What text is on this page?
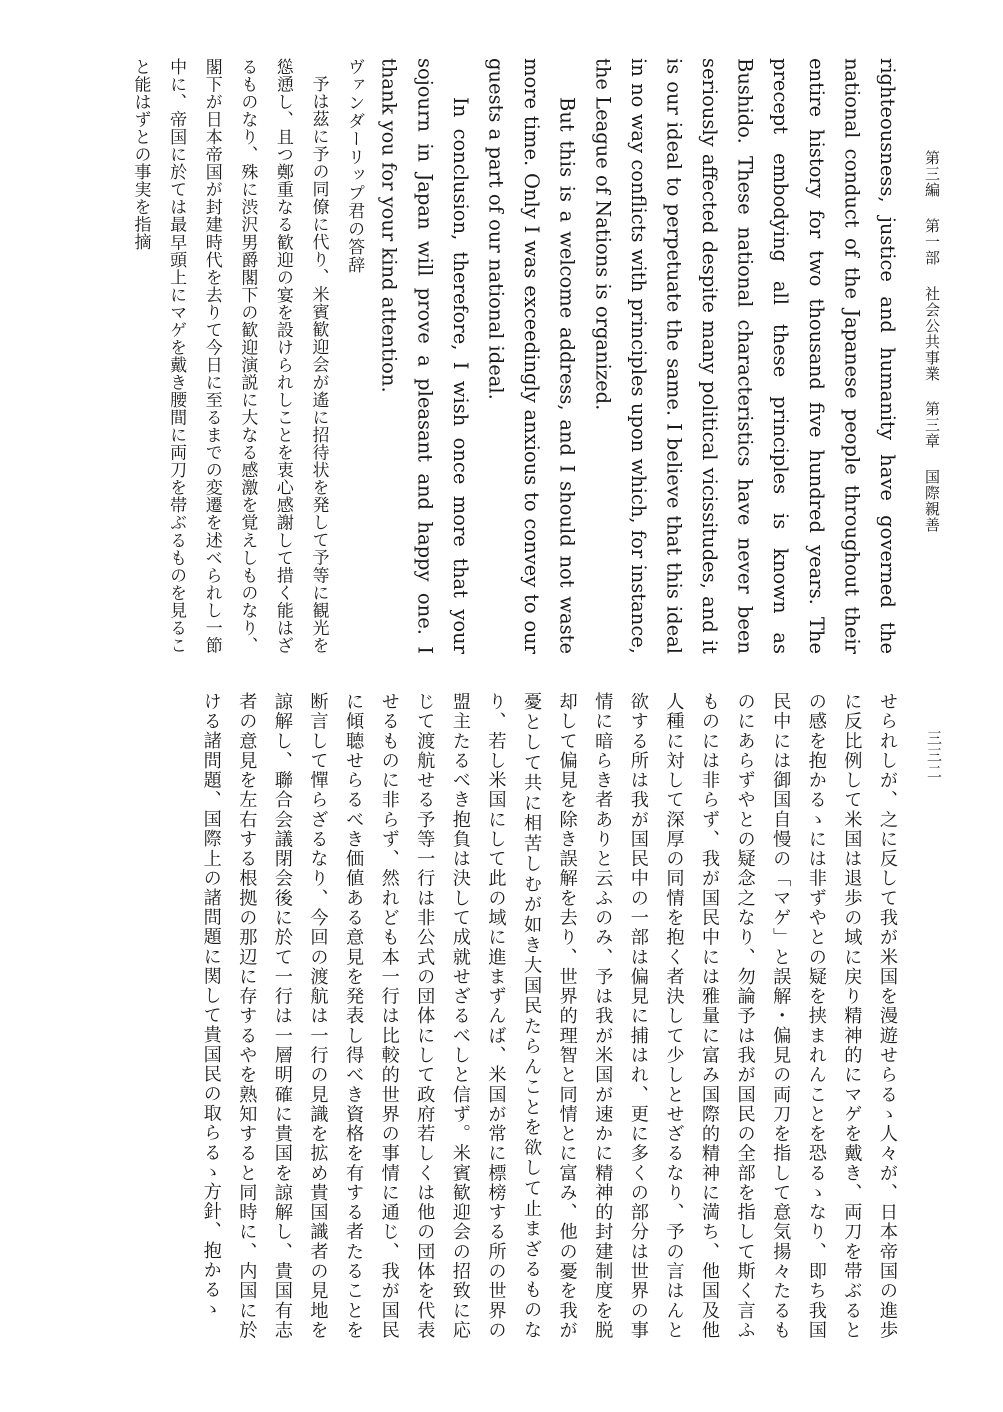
第三編 第一部 社会公共事業 第三章 国際親善
三三二

righteousness, justice and humanity have governed the national conduct of the Japanese people throughout their entire history for two thousand five hundred years. The precept embodying all these principles is known as Bushido. These national characteristics have never been seriously affected despite many political vicissitudes, and it is our ideal to perpetuate the same. I believe that this ideal in no way conflicts with principles upon which, for instance, the League of Nations is organized.

But this is a welcome address, and I should not waste more time. Only I was exceedingly anxious to convey to our guests a part of our national ideal.

In conclusion, therefore, I wish once more that your sojourn in Japan will prove a pleasant and happy one. I thank you for your kind attention.

ヴァンダーリップ君の答辞

予は茲に予の同僚に代り、米賓歓迎会が遙に招待状を発して予等に観光を慫慂し、且つ鄭重なる歓迎の宴を設けられしことを衷心感謝して措く能はざるものなり、殊に渋沢男爵閣下の歓迎演説に大なる感激を覚えしものなり、閣下が日本帝国が封建時代を去りて今日に至るまでの変遷を述べられし一節中に、帝国に於ては最早頭上にマゲを戴き腰間に両刀を帯ぶるものを見ること能はずとの事実を指摘

せられしが、之に反して我が米国を漫遊せらるゝ人々が、日本帝国の進歩に反比例して米国は退歩の域に戻り精神的にマゲを戴き、両刀を帯ぶるとの感を抱かるゝには非ずやとの疑を挟まれんことを恐るゝなり、即ち我国民中には御国自慢の「マゲ」と誤解・偏見の両刀を指して意気揚々たるものにあらずやとの疑念之なり、勿論予は我が国民の全部を指して斯く言ふものには非らず、我が国民中には雅量に富み国際的精神に満ち、他国及他人種に対して深厚の同情を抱く者決して少しとせざるなり、予の言はんと欲する所は我が国民中の一部は偏見に捕はれ、更に多くの部分は世界の事情に暗らき者ありと云ふのみ、予は我が米国が速かに精神的封建制度を脱却して偏見を除き誤解を去り、世界的理智と同情とに富み、他の憂を我が憂として共に相苦しむが如き大国民たらんことを欲して止まざるものなり、若し米国にして此の域に進まずんば、米国が常に標榜する所の世界の盟主たるべき抱負は決して成就せざるべしと信ず。米賓歓迎会の招致に応じて渡航せる予等一行は非公式の団体にして政府若しくは他の団体を代表せるものに非らず、然れども本一行は比較的世界の事情に通じ、我が国民に傾聴せらるべき価値ある意見を発表し得べき資格を有する者たることを断言して憚らざるなり、今回の渡航は一行の見識を拡め貴国識者の見地を諒解し、聯合会議閉会後に於て一行は一層明確に貴国を諒解し、貴国有志者の意見を左右する根拠の那辺に存するやを熟知すると同時に、内国に於ける諸問題、国際上の諸問題に関して貴国民の取らるゝ方針、抱かるゝ
